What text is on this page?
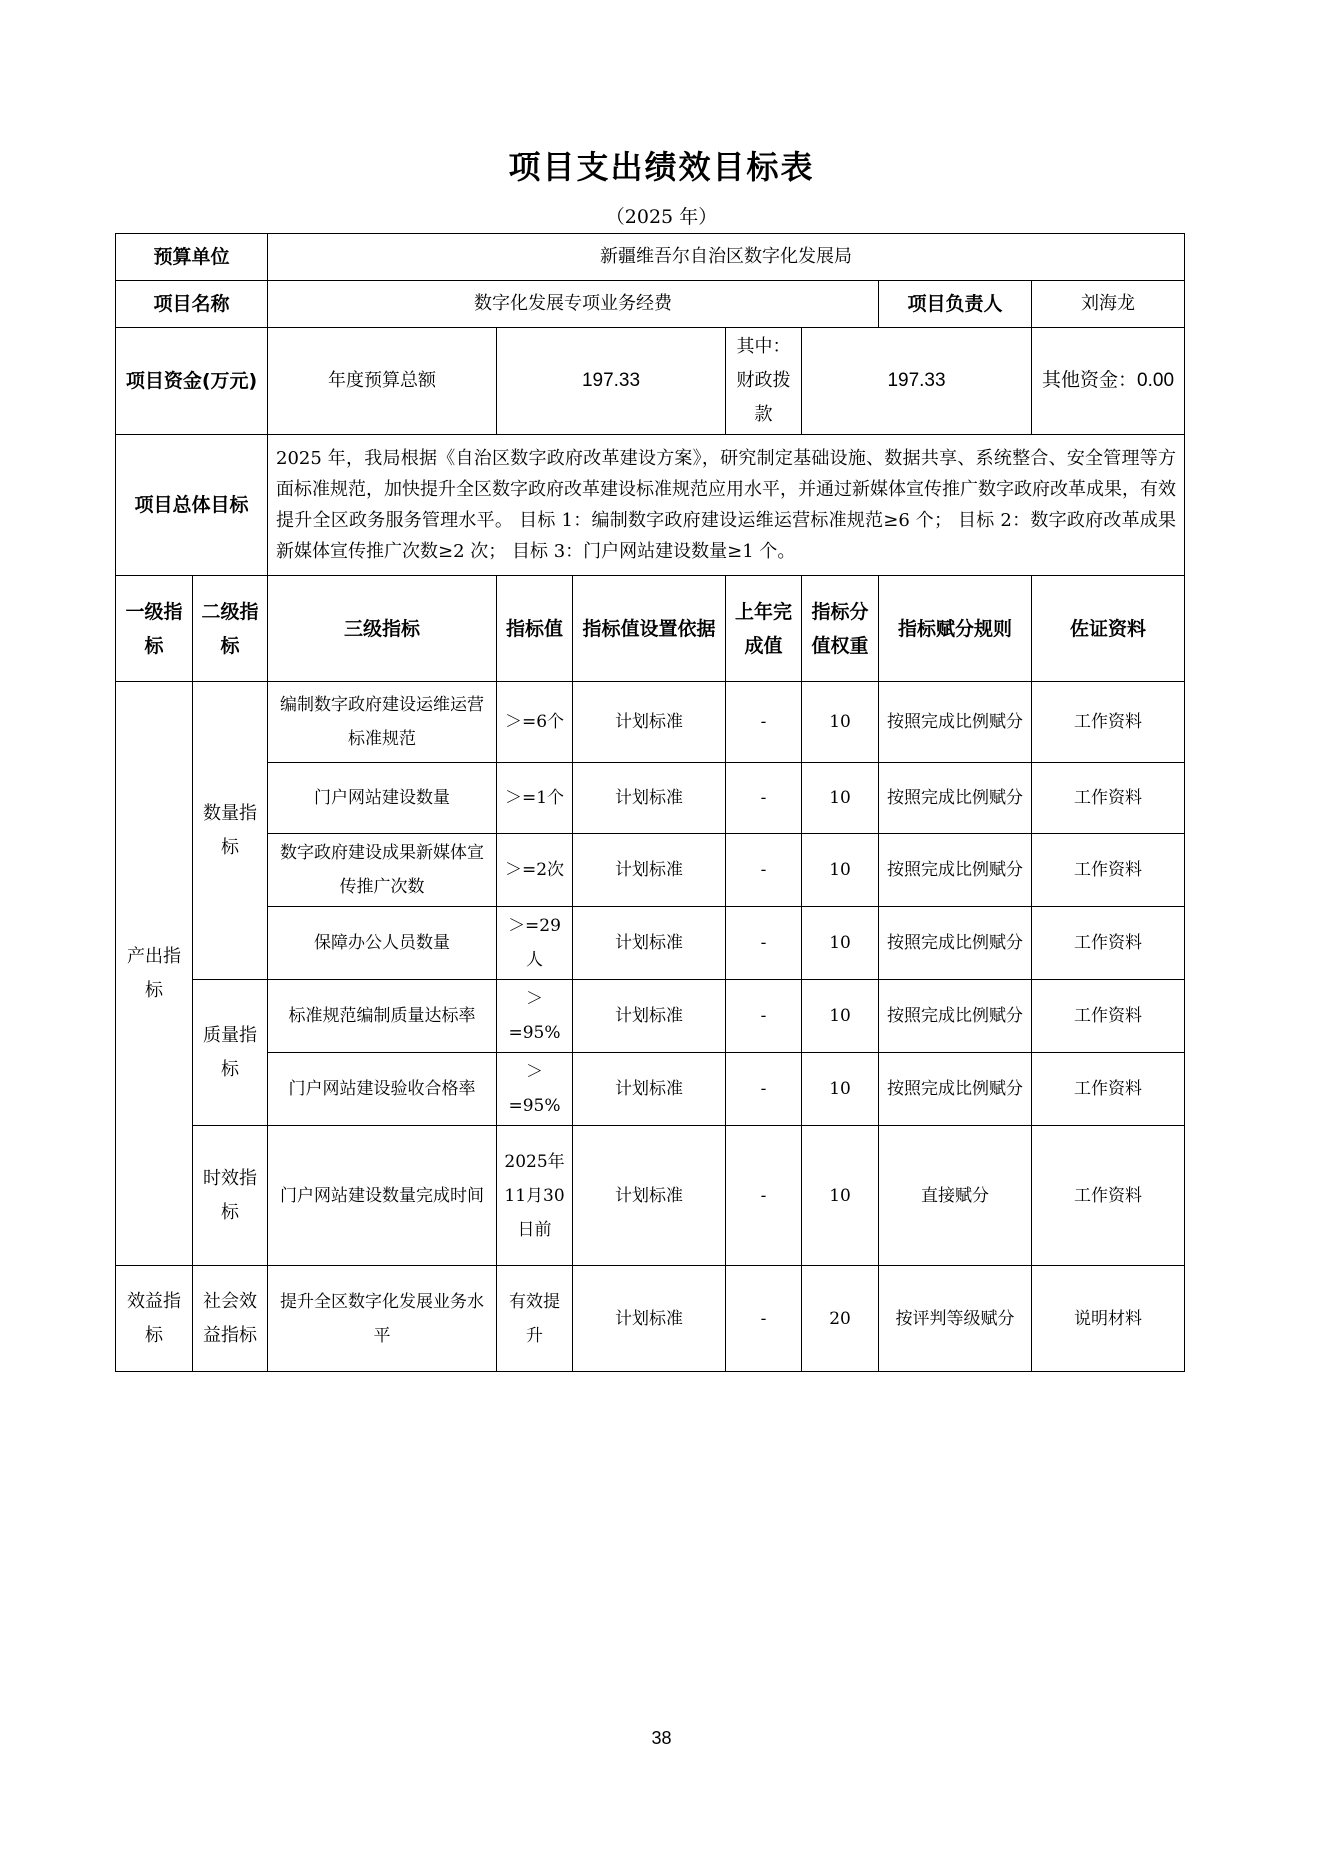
项目支出绩效目标表
（2025 年）
预算单位		新疆维吾尔自治区数字化发展局						
项目名称		数字化发展专项业务经费					项目负责人	刘海龙
项目资金(万元)		年度预算总额	197.33		其中：财政拨款	197.33		其他资金：0.00
项目总体目标		2025 年，我局根据《自治区数字政府改革建设方案》，研究制定基础设施、数据共享、系统整合、安全管理等方面标准规范，加快提升全区数字政府改革建设标准规范应用水平，并通过新媒体宣传推广数字政府改革成果，有效提升全区政务服务管理水平。 目标 1：编制数字政府建设运维运营标准规范≥6 个； 目标 2：数字政府改革成果新媒体宣传推广次数≥2 次； 目标 3：门户网站建设数量≥1 个。						
一级指标	二级指标	三级指标	指标值	指标值设置依据	上年完成值	指标分值权重	指标赋分规则	佐证资料
产出指标	数量指标	编制数字政府建设运维运营标准规范	＞=6个	计划标准	-	10	按照完成比例赋分	工作资料
		门户网站建设数量	＞=1个	计划标准	-	10	按照完成比例赋分	工作资料
		数字政府建设成果新媒体宣传推广次数	＞=2次	计划标准	-	10	按照完成比例赋分	工作资料
		保障办公人员数量	＞=29人	计划标准	-	10	按照完成比例赋分	工作资料
	质量指标	标准规范编制质量达标率	＞=95%	计划标准	-	10	按照完成比例赋分	工作资料
		门户网站建设验收合格率	＞=95%	计划标准	-	10	按照完成比例赋分	工作资料
	时效指标	门户网站建设数量完成时间	2025年11月30日前	计划标准	-	10	直接赋分	工作资料
效益指标	社会效益指标	提升全区数字化发展业务水平	有效提升	计划标准	-	20	按评判等级赋分	说明材料
38
